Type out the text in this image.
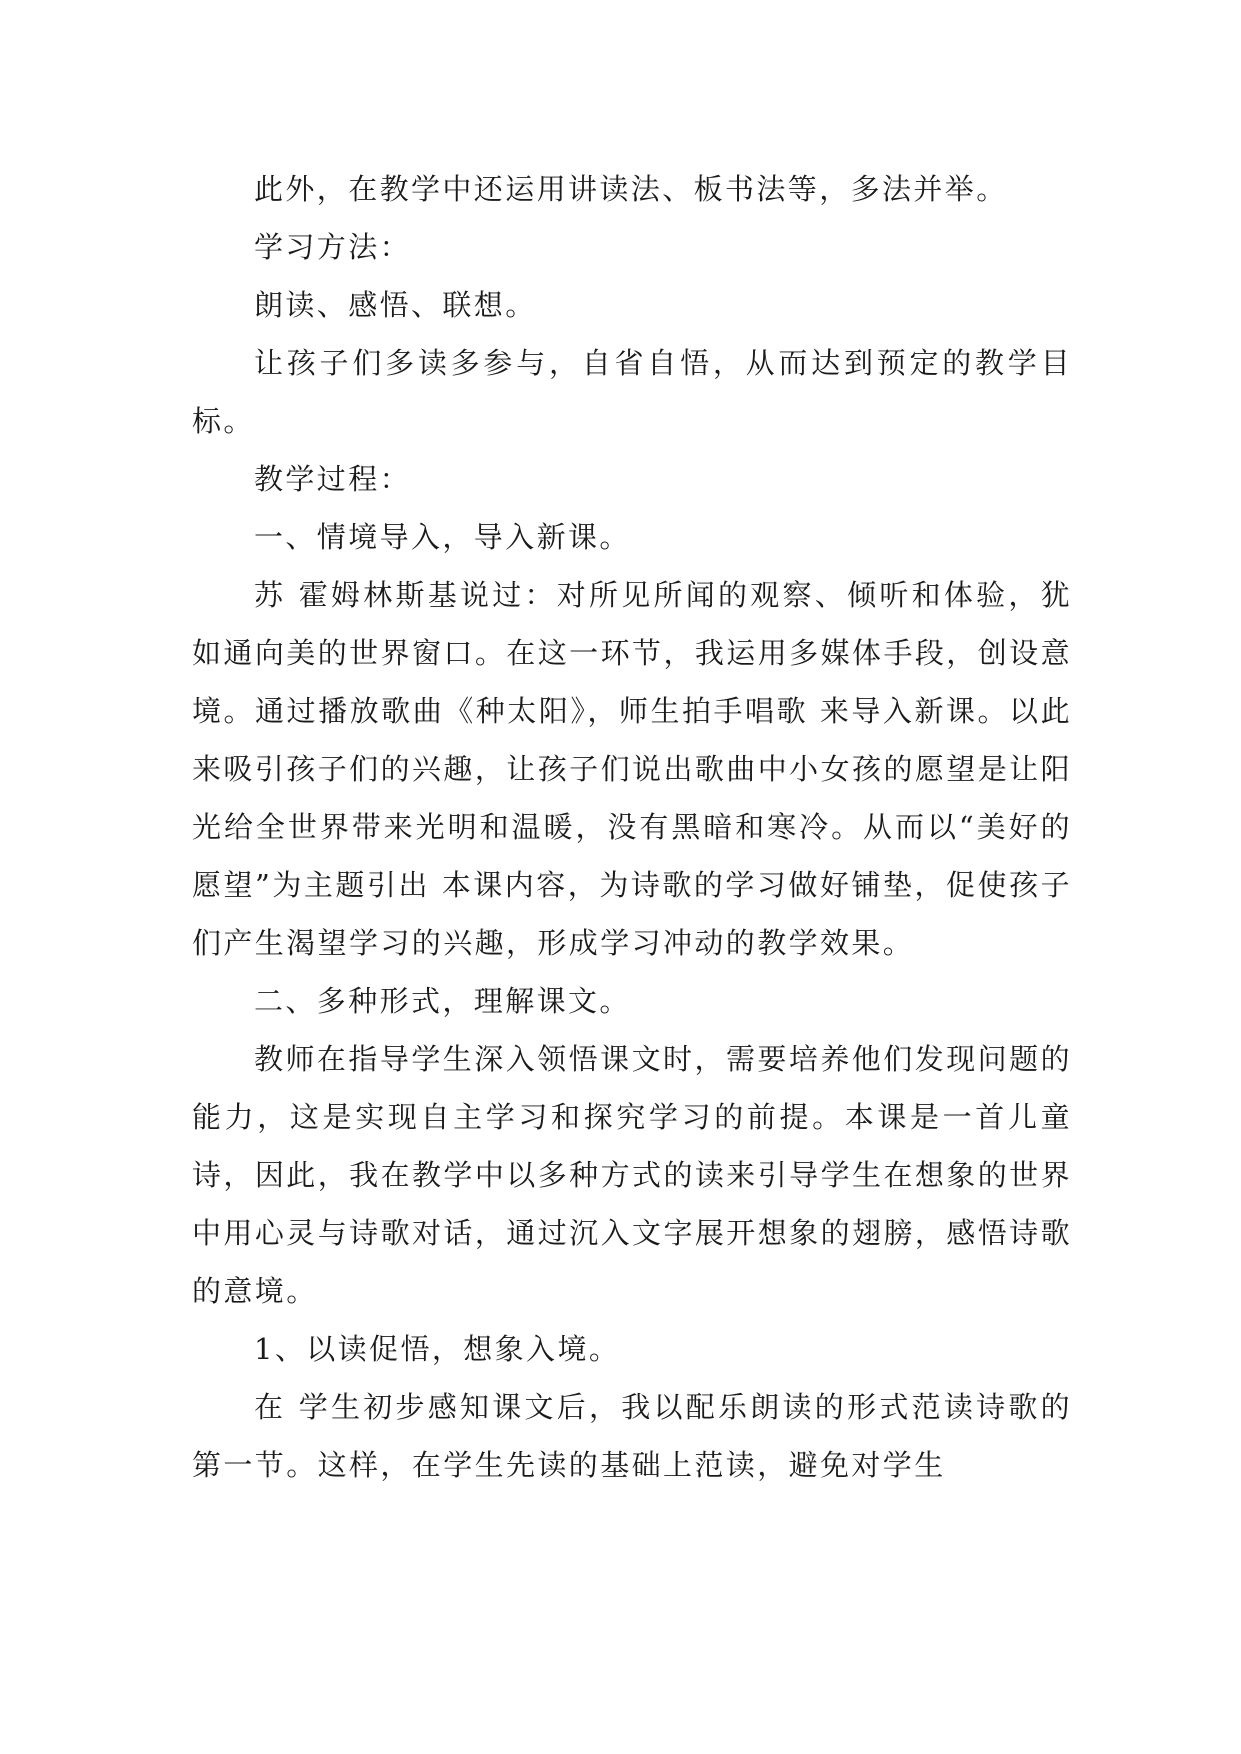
此外，在教学中还运用讲读法、板书法等，多法并举。

学习方法：

朗读、感悟、联想。

让孩子们多读多参与，自省自悟，从而达到预定的教学目标。

教学过程：

一、情境导入，导入新课。

苏 霍姆林斯基说过：对所见所闻的观察、倾听和体验，犹如通向美的世界窗口。在这一环节，我运用多媒体手段，创设意境。通过播放歌曲《种太阳》，师生拍手唱歌 来导入新课。以此来吸引孩子们的兴趣，让孩子们说出歌曲中小女孩的愿望是让阳光给全世界带来光明和温暖，没有黑暗和寒冷。从而以“美好的愿望”为主题引出 本课内容，为诗歌的学习做好铺垫，促使孩子们产生渴望学习的兴趣，形成学习冲动的教学效果。

二、多种形式，理解课文。

教师在指导学生深入领悟课文时，需要培养他们发现问题的能力，这是实现自主学习和探究学习的前提。本课是一首儿童诗，因此，我在教学中以多种方式的读来引导学生在想象的世界中用心灵与诗歌对话，通过沉入文字展开想象的翅膀，感悟诗歌的意境。

1、以读促悟，想象入境。

在 学生初步感知课文后，我以配乐朗读的形式范读诗歌的第一节。这样，在学生先读的基础上范读，避免对学生
